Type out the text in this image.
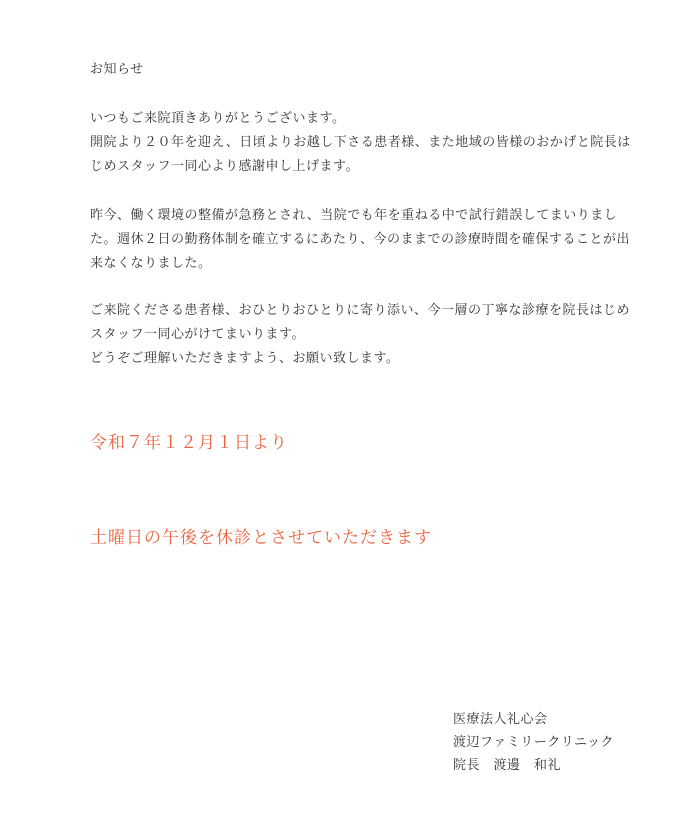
お知らせ
いつもご来院頂きありがとうございます。
開院より２０年を迎え、日頃よりお越し下さる患者様、また地域の皆様のおかげと院長は
じめスタッフ一同心より感謝申し上げます。
昨今、働く環境の整備が急務とされ、当院でも年を重ねる中で試行錯誤してまいりまし
た。週休２日の勤務体制を確立するにあたり、今のままでの診療時間を確保することが出
来なくなりました。
ご来院くださる患者様、おひとりおひとりに寄り添い、今一層の丁寧な診療を院長はじめ
スタッフ一同心がけてまいります。
どうぞご理解いただきますよう、お願い致します。
令和７年１２月１日より
土曜日の午後を休診とさせていただきます
医療法人礼心会
渡辺ファミリークリニック
院長　渡邊　和礼
